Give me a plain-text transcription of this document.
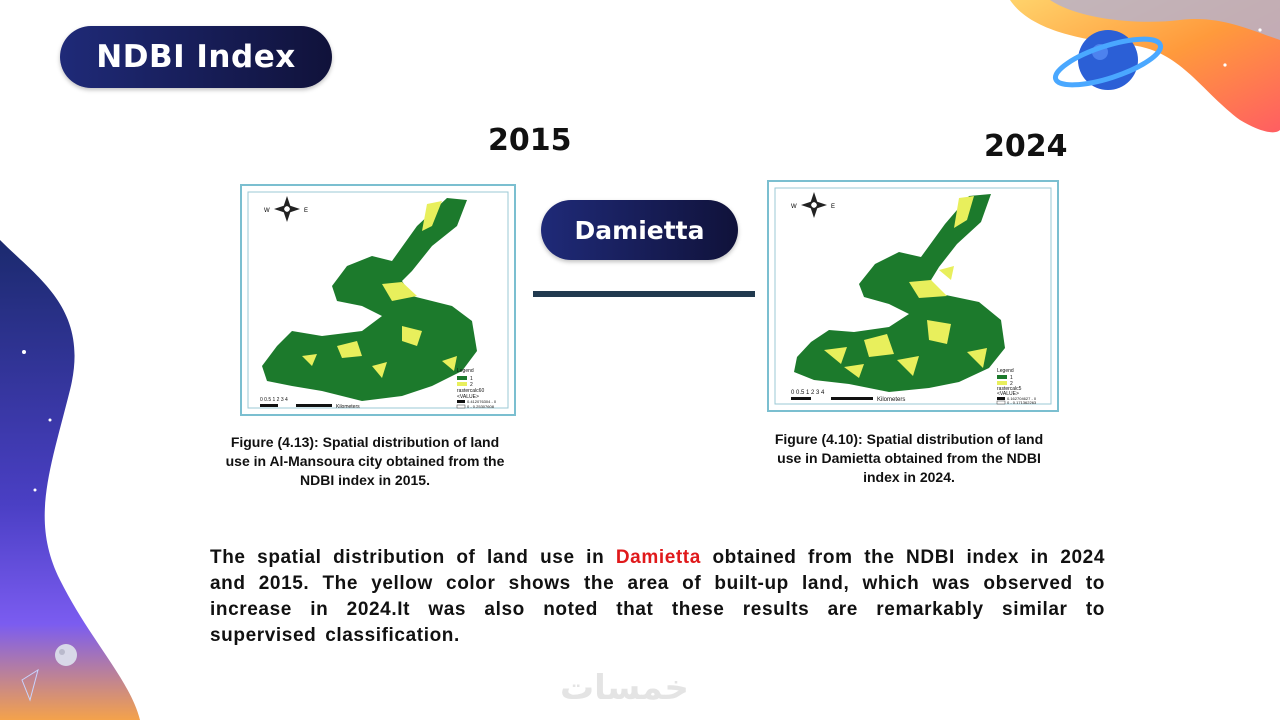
NDBI Index
2015	2024
W	E
Legend
1
2
rastercalc60
<VALUE>
0.412076304 - 0
0 - 0.25307608
0 0.5 1 2 3 4
Kilometers
W	E
Legend
1
2
rastercalc5
<VALUE>
0.162704627 - 0
0 - 0.171362263
0 0.5 1 2 3 4
Kilometers
Damietta
Figure (4.13): Spatial distribution of land use in Al-Mansoura city obtained from the NDBI index in 2015.
Figure (4.10): Spatial distribution of land use in Damietta obtained from the NDBI index in 2024.
The spatial distribution of land use in Damietta obtained from the NDBI index in 2024 and 2015. The yellow color shows the area of built-up land, which was observed to increase in 2024.It was also noted that these results are remarkably similar to supervised classification.
خمسات
